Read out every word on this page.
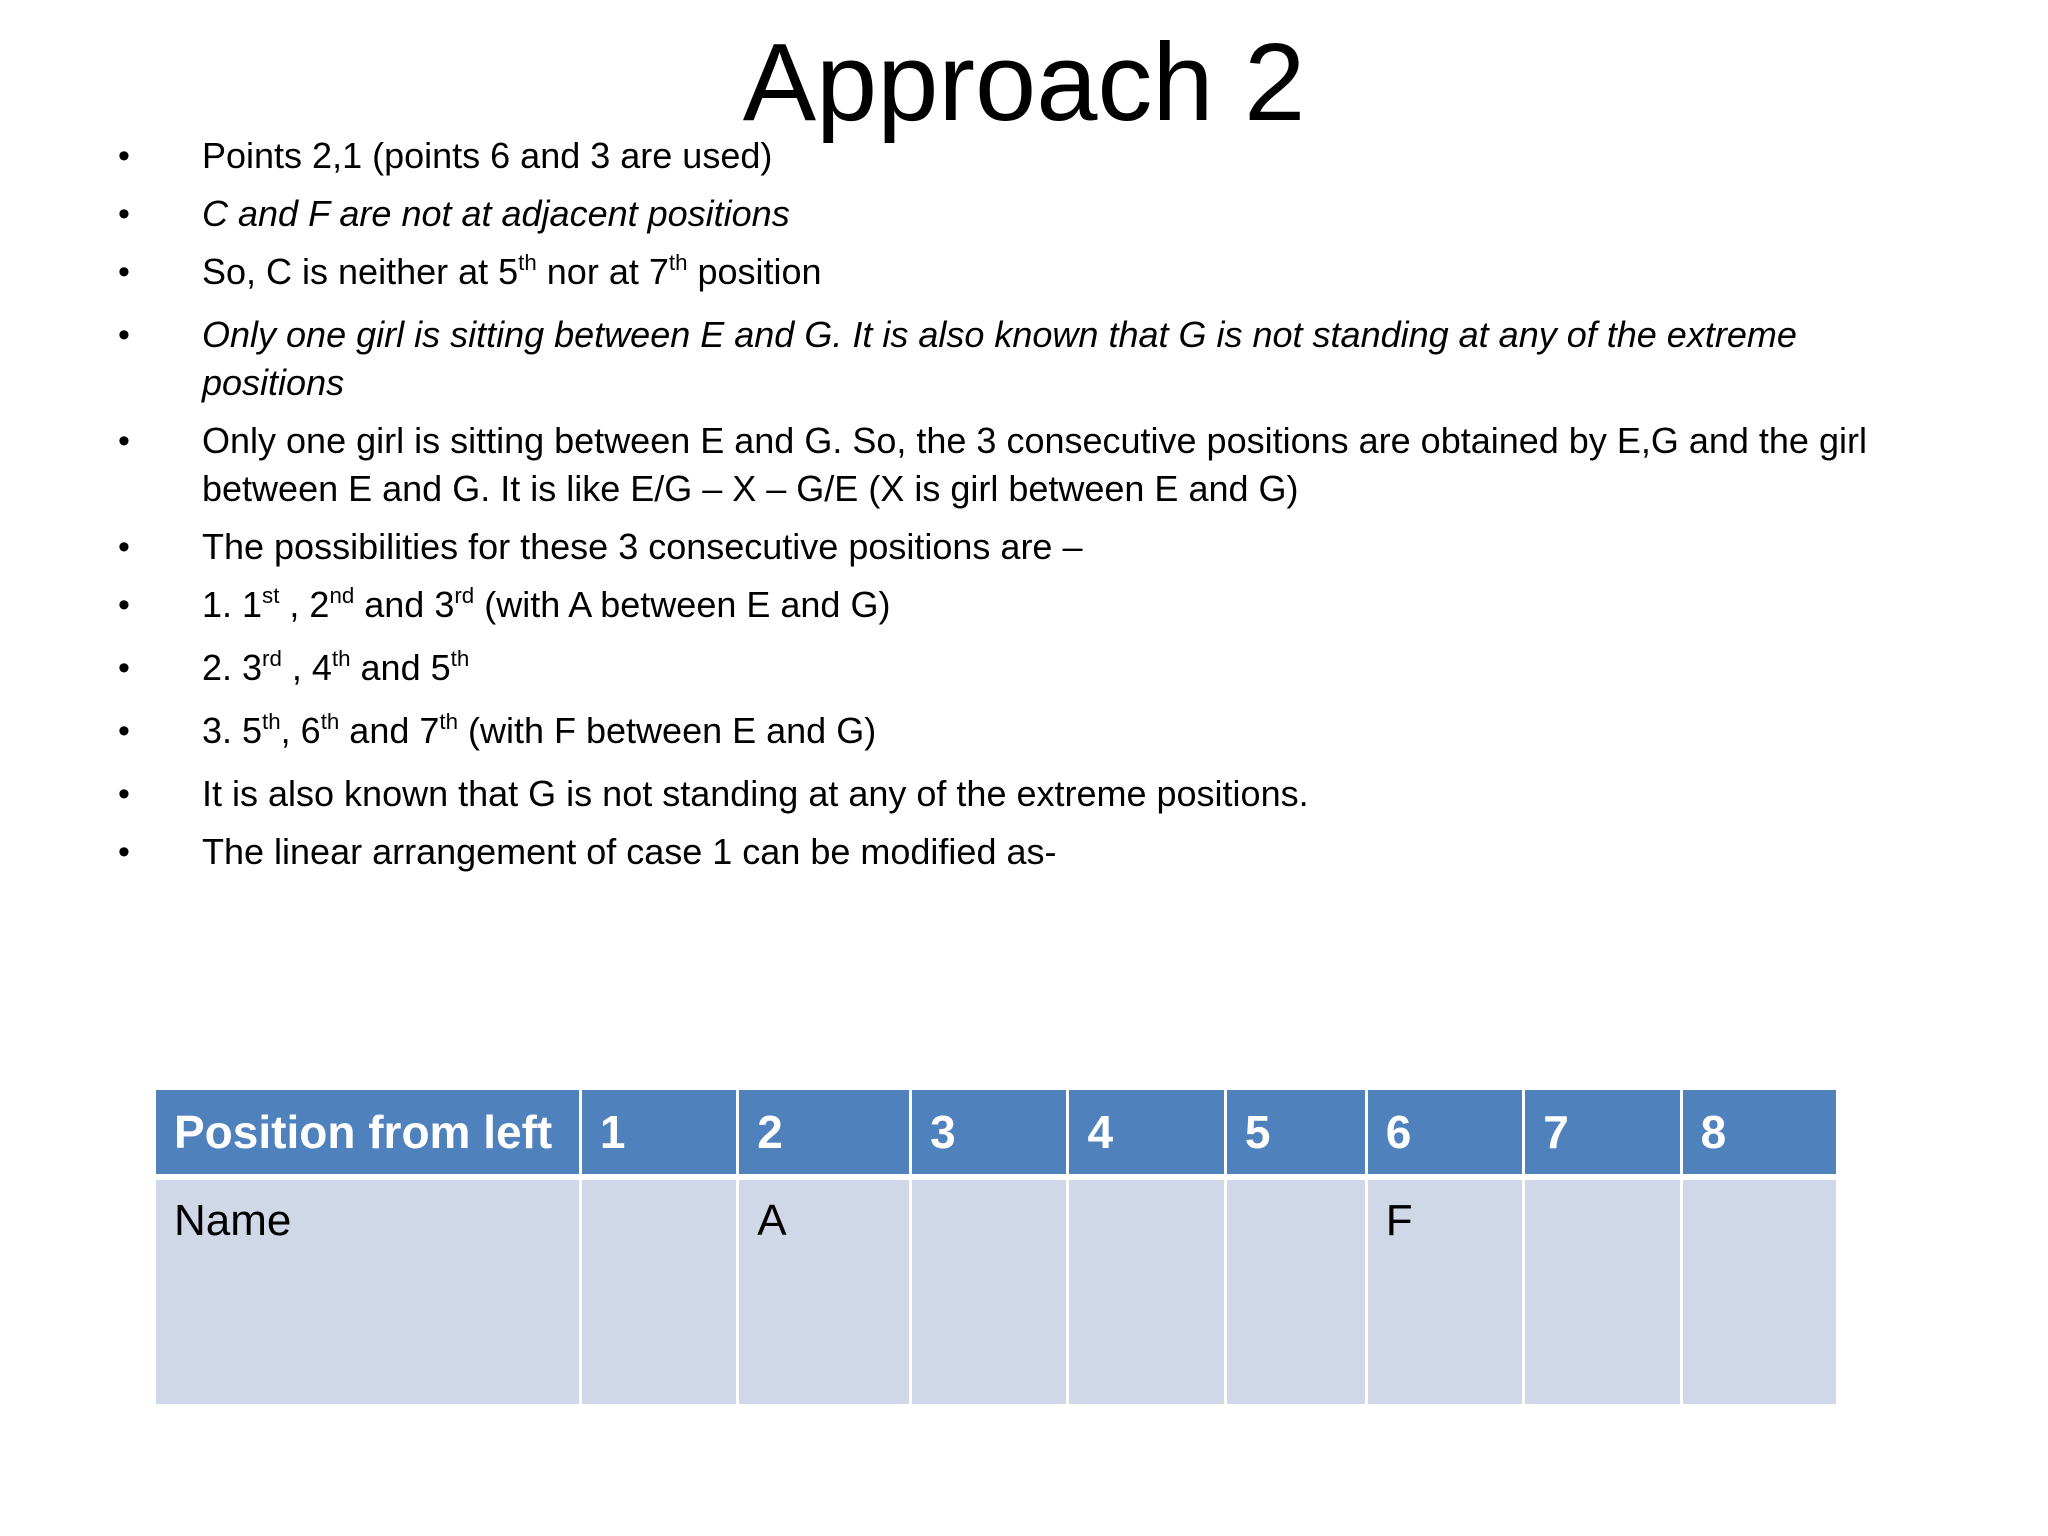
Approach 2
•	Points 2,1 (points 6 and 3 are used)
•	C and F are not at adjacent positions
•	So, C is neither at 5th nor at 7th position
•	Only one girl is sitting between E and G. It is also known that G is not standing at any of the extreme positions
•	Only one girl is sitting between E and G. So, the 3 consecutive positions are obtained by E,G and the girl between E and G. It is like E/G – X – G/E (X is girl between E and G)
•	The possibilities for these 3 consecutive positions are –
•	1. 1st , 2nd and 3rd (with A between E and G)
•	2. 3rd , 4th and 5th
•	3. 5th, 6th and 7th (with F between E and G)
•	It is also known that G is not standing at any of the extreme positions.
•	The linear arrangement of case 1 can be modified as-
Position from left	1	2	3	4	5	6	7	8
Name		A				F		
